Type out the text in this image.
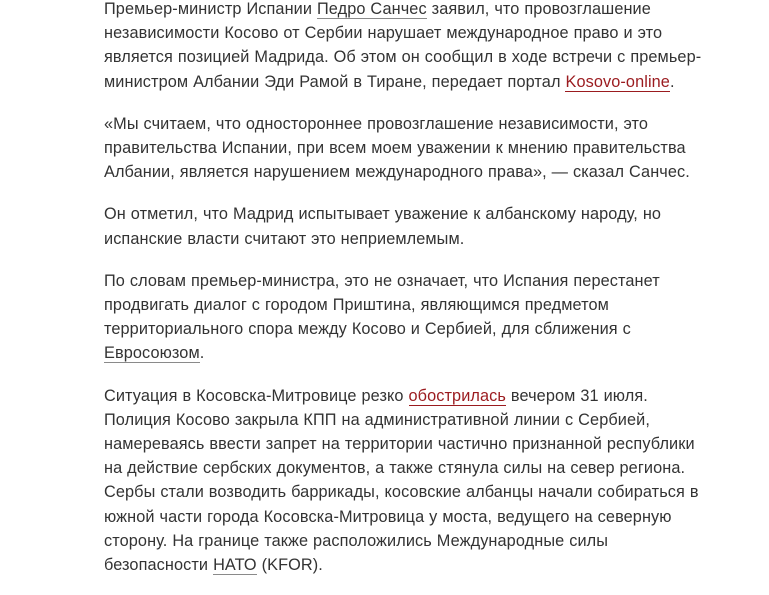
Премьер-министр Испании Педро Санчес заявил, что провозглашение независимости Косово от Сербии нарушает международное право и это является позицией Мадрида. Об этом он сообщил в ходе встречи с премьер-министром Албании Эди Рамой в Тиране, передает портал Kosovo-online.

«Мы считаем, что одностороннее провозглашение независимости, это правительства Испании, при всем моем уважении к мнению правительства Албании, является нарушением международного права», — сказал Санчес.

Он отметил, что Мадрид испытывает уважение к албанскому народу, но испанские власти считают это неприемлемым.

По словам премьер-министра, это не означает, что Испания перестанет продвигать диалог с городом Приштина, являющимся предметом территориального спора между Косово и Сербией, для сближения с Евросоюзом.

Ситуация в Косовска-Митровице резко обострилась вечером 31 июля. Полиция Косово закрыла КПП на административной линии с Сербией, намереваясь ввести запрет на территории частично признанной республики на действие сербских документов, а также стянула силы на север региона. Сербы стали возводить баррикады, косовские албанцы начали собираться в южной части города Косовска-Митровица у моста, ведущего на северную сторону. На границе также расположились Международные силы безопасности НАТО (KFOR).
